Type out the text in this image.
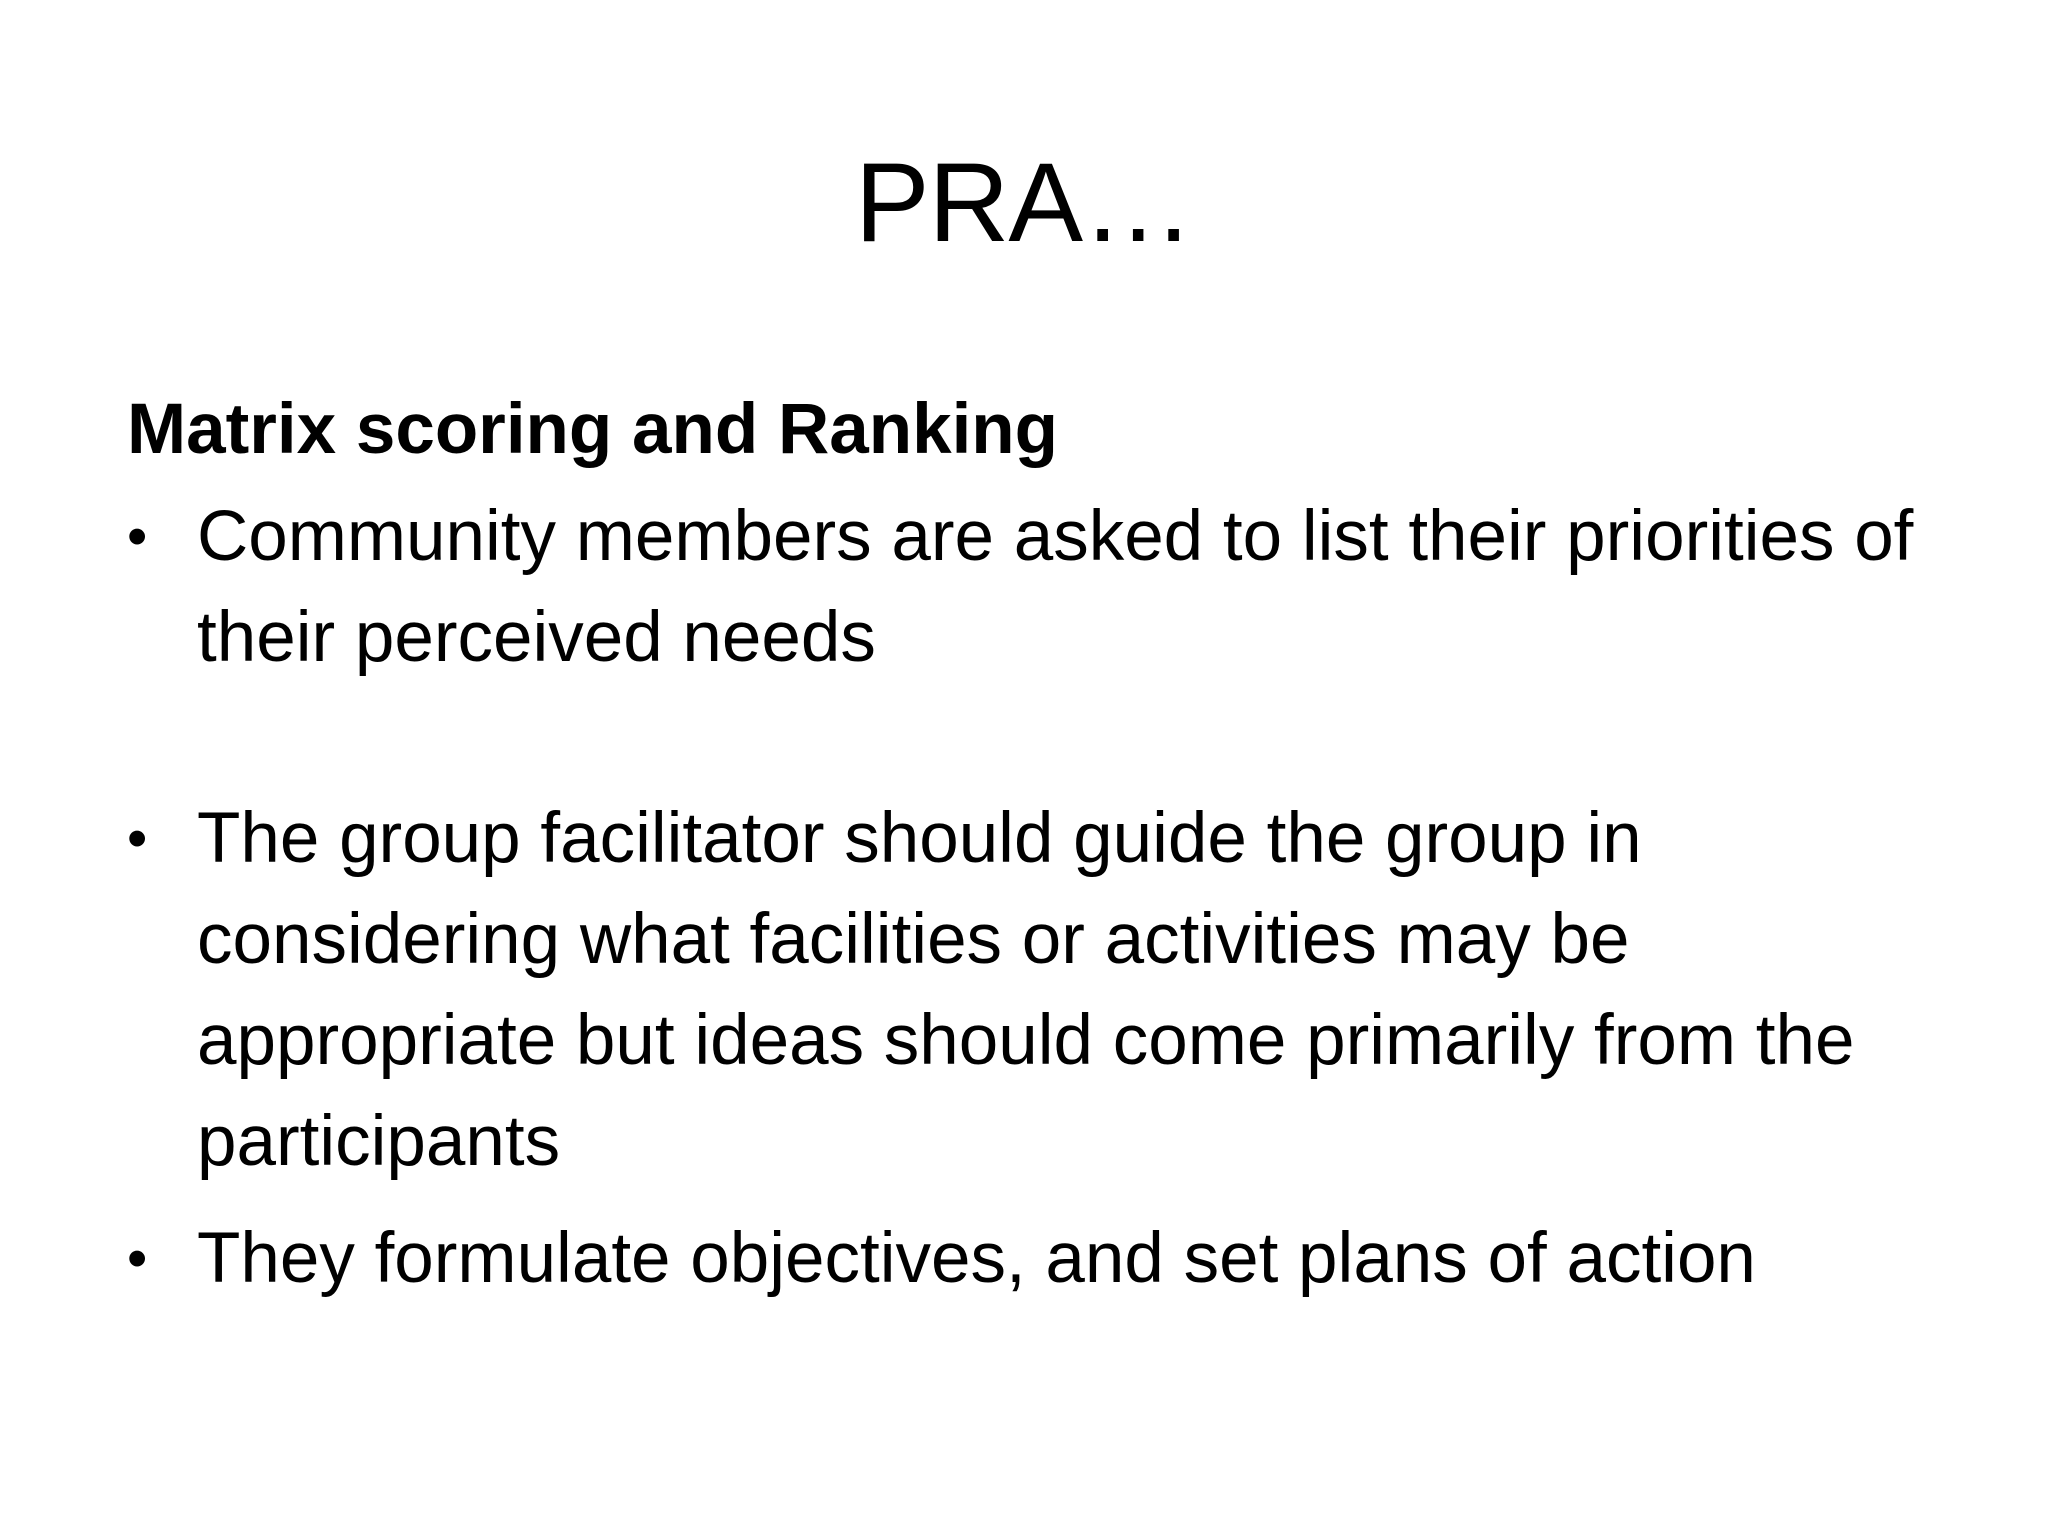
PRA…
Matrix scoring and Ranking
• Community members are asked to list their priorities of their perceived needs
• The group facilitator should guide the group in considering what facilities or activities may be appropriate but ideas should come primarily from the participants
• They formulate objectives, and set plans of action
